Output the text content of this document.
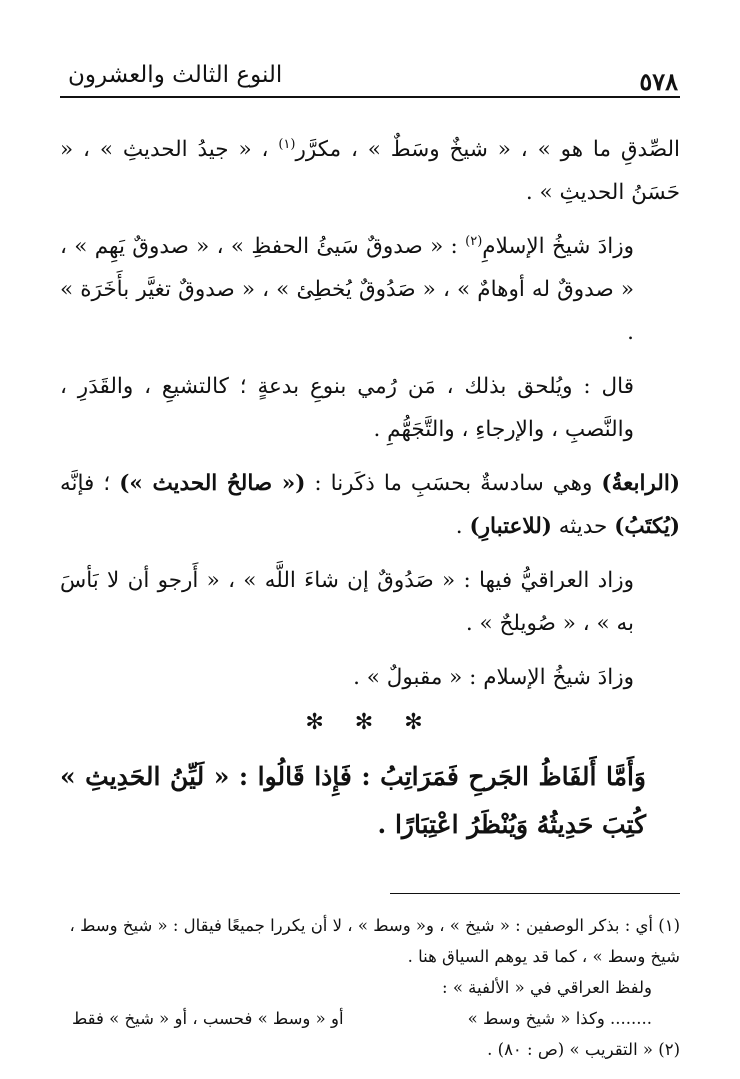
٥٧٨
النوع الثالث والعشرون

الصِّدقِ ما هو » ، « شيخٌ وسَطٌ » ، مكرَّر$^{(١)}$ ، « جيدُ الحديثِ » ، « حَسَنُ الحديثِ » .

وزادَ شيخُ الإسلامِ$^{(٢)}$ : « صدوقٌ سَيئُ الحفظِ » ، « صدوقٌ يَهِم » ، « صدوقٌ له أوهامٌ » ، « صَدُوقٌ يُخطِئ » ، « صدوقٌ تغيَّر بأَخَرَة » .

قال : ويُلحق بذلك ، مَن رُمي بنوعِ بدعةٍ ؛ كالتشيعِ ، والقَدَرِ ، والنَّصبِ ، والإرجاءِ ، والتَّجَهُّمِ .

(الرابعةُ) وهي سادسةٌ بحسَبِ ما ذكَرنا : (« صالحُ الحديث ») ؛ فإنَّه (يُكتَبُ) حديثه (للاعتبارِ) .

وزاد العراقيُّ فيها : « صَدُوقٌ إن شاءَ اللَّه » ، « أَرجو أن لا بَأسَ به » ، « صُويلحٌ » .

وزادَ شيخُ الإسلام : « مقبولٌ » .

✻ ✻ ✻
وَأَمَّا أَلفَاظُ الجَرحِ فَمَرَاتِبُ : فَإِذا قَالُوا : « لَيِّنُ الحَدِيثِ » كُتِبَ حَدِيثُهُ وَيُنْظَرُ اعْتِبَارًا .

(١) أي : بذكر الوصفين : « شيخ » ، و« وسط » ، لا أن يكررا جميعًا فيقال : « شيخ وسط ، شيخ وسط » ، كما قد يوهم السياق هنا .

ولفظ العراقي في « الألفية » :

........ وكذا « شيخ وسط »
أو « وسط » فحسب ، أو « شيخ » فقط

(٢) « التقريب » (ص : ٨٠) .
